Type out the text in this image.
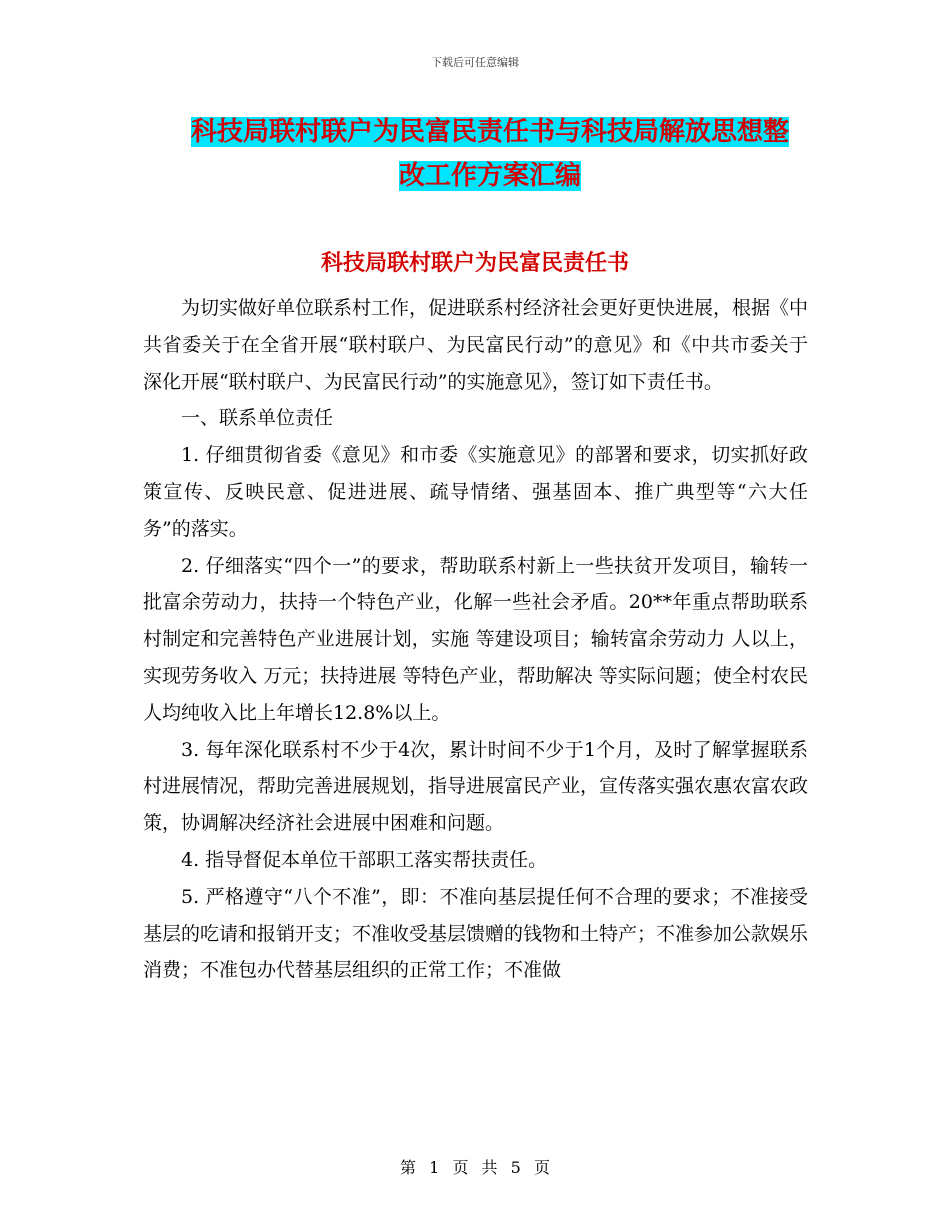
下载后可任意编辑
科技局联村联户为民富民责任书与科技局解放思想整
改工作方案汇编
科技局联村联户为民富民责任书

为切实做好单位联系村工作，促进联系村经济社会更好更快进展，根据《中共省委关于在全省开展“联村联户、为民富民行动”的意见》和《中共市委关于深化开展“联村联户、为民富民行动”的实施意见》，签订如下责任书。

一、联系单位责任

1. 仔细贯彻省委《意见》和市委《实施意见》的部署和要求，切实抓好政策宣传、反映民意、促进进展、疏导情绪、强基固本、推广典型等“六大任务”的落实。

2. 仔细落实“四个一”的要求，帮助联系村新上一些扶贫开发项目，输转一批富余劳动力，扶持一个特色产业，化解一些社会矛盾。20**年重点帮助联系村制定和完善特色产业进展计划，实施 等建设项目；输转富余劳动力 人以上，实现劳务收入 万元；扶持进展 等特色产业，帮助解决 等实际问题；使全村农民人均纯收入比上年增长12.8%以上。

3. 每年深化联系村不少于4次，累计时间不少于1个月，及时了解掌握联系村进展情况，帮助完善进展规划，指导进展富民产业，宣传落实强农惠农富农政策，协调解决经济社会进展中困难和问题。

4. 指导督促本单位干部职工落实帮扶责任。

5. 严格遵守“八个不准”，即：不准向基层提任何不合理的要求；不准接受基层的吃请和报销开支；不准收受基层馈赠的钱物和土特产；不准参加公款娱乐消费；不准包办代替基层组织的正常工作；不准做

第 1 页 共 5 页
